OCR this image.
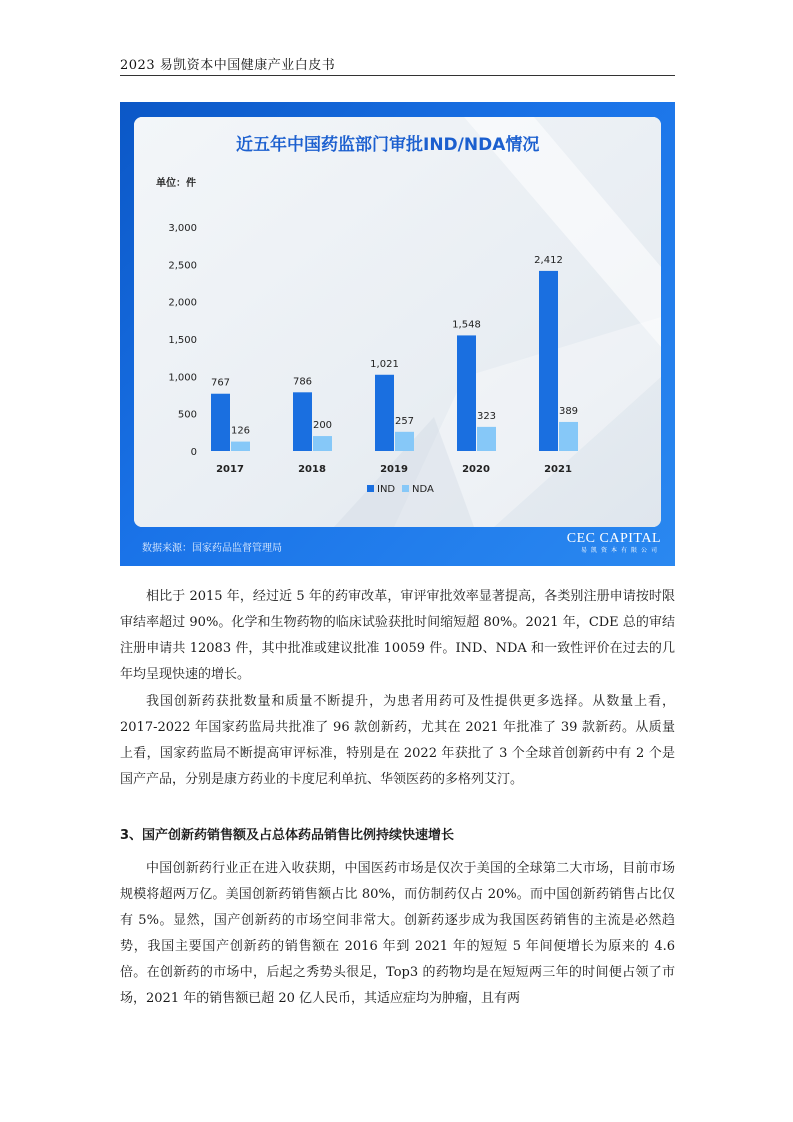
2023 易凯资本中国健康产业白皮书
近五年中国药监部门审批IND/NDA情况
单位：件
0
500
1,000
1,500
2,000
2,500
3,000
767
126
2017
786
200
2018
1,021
257
2019
1,548
323
2020
2,412
389
2021
IND NDA
数据来源：国家药品监督管理局
CEC CAPITAL
易凯资本有限公司

相比于 2015 年，经过近 5 年的药审改革，审评审批效率显著提高，各类别注册申请按时限审结率超过 90%。化学和生物药物的临床试验获批时间缩短超 80%。2021 年，CDE 总的审结注册申请共 12083 件，其中批准或建议批准 10059 件。IND、NDA 和一致性评价在过去的几年均呈现快速的增长。

我国创新药获批数量和质量不断提升，为患者用药可及性提供更多选择。从数量上看，2017-2022 年国家药监局共批准了 96 款创新药，尤其在 2021 年批准了 39 款新药。从质量上看，国家药监局不断提高审评标准，特别是在 2022 年获批了 3 个全球首创新药中有 2 个是国产产品，分别是康方药业的卡度尼利单抗、华领医药的多格列艾汀。

3、国产创新药销售额及占总体药品销售比例持续快速增长

中国创新药行业正在进入收获期，中国医药市场是仅次于美国的全球第二大市场，目前市场规模将超两万亿。美国创新药销售额占比 80%，而仿制药仅占 20%。而中国创新药销售占比仅有 5%。显然，国产创新药的市场空间非常大。创新药逐步成为我国医药销售的主流是必然趋势，我国主要国产创新药的销售额在 2016 年到 2021 年的短短 5 年间便增长为原来的 4.6 倍。在创新药的市场中，后起之秀势头很足，Top3 的药物均是在短短两三年的时间便占领了市场，2021 年的销售额已超 20 亿人民币，其适应症均为肿瘤，且有两
